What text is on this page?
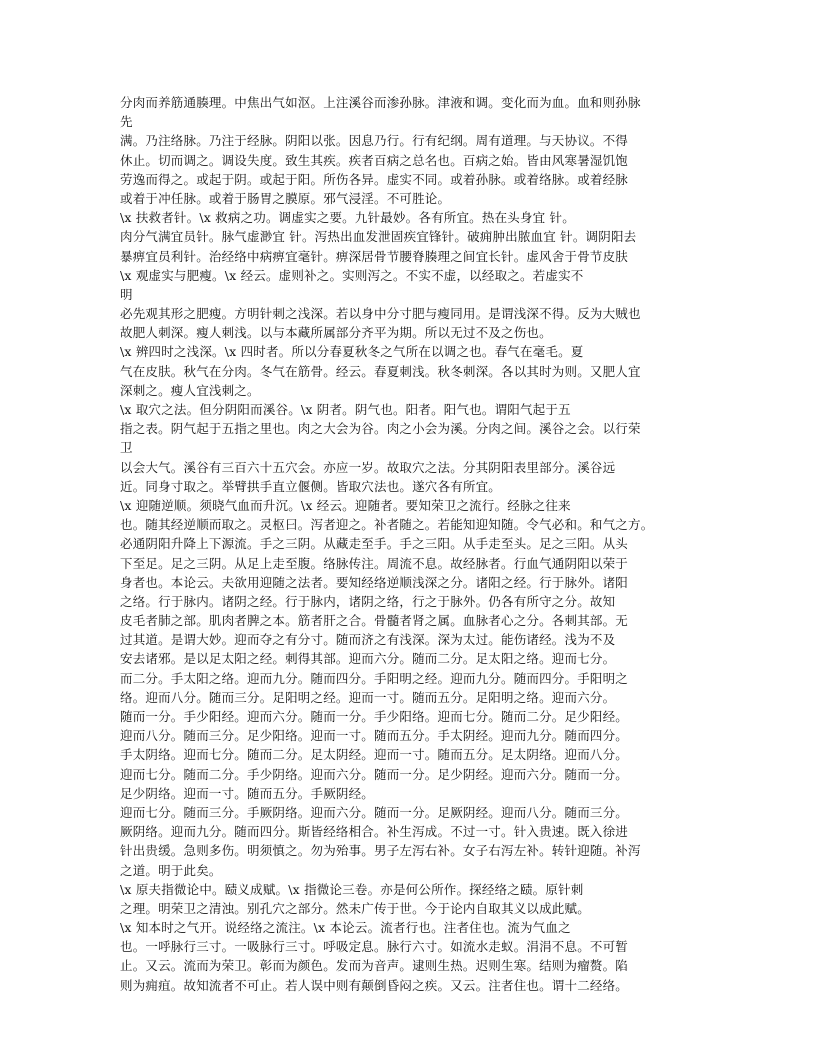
分肉而养筋通腠理。中焦出气如沤。上注溪谷而渗孙脉。津液和调。变化而为血。血和则孙脉
先
满。乃注络脉。乃注于经脉。阴阳以张。因息乃行。行有纪纲。周有道理。与天协议。不得
休止。切而调之。调设失度。致生其疾。疾者百病之总名也。百病之始。皆由风寒暑湿饥饱
劳逸而得之。或起于阴。或起于阳。所伤各异。虚实不同。或着孙脉。或着络脉。或着经脉
或着于冲任脉。或着于肠胃之膜原。邪气浸淫。不可胜论。
\x 扶救者针。\x 救病之功。调虚实之要。九针最妙。各有所宜。热在头身宜 针。
肉分气满宜员针。脉气虚渺宜 针。泻热出血发泄固疾宜锋针。破痈肿出脓血宜 针。调阴阳去
暴痹宜员利针。治经络中病痹宜毫针。痹深居骨节腰脊腠理之间宜长针。虚风舍于骨节皮肤
\x 观虚实与肥瘦。\x 经云。虚则补之。实则泻之。不实不虚，以经取之。若虚实不
明
必先观其形之肥瘦。方明针刺之浅深。若以身中分寸肥与瘦同用。是谓浅深不得。反为大贼也
故肥人刺深。瘦人刺浅。以与本藏所属部分齐平为期。所以无过不及之伤也。
\x 辨四时之浅深。\x 四时者。所以分春夏秋冬之气所在以调之也。春气在毫毛。夏
气在皮肤。秋气在分肉。冬气在筋骨。经云。春夏刺浅。秋冬刺深。各以其时为则。又肥人宜
深刺之。瘦人宜浅刺之。
\x 取穴之法。但分阴阳而溪谷。\x 阴者。阴气也。阳者。阳气也。谓阳气起于五
指之表。阴气起于五指之里也。肉之大会为谷。肉之小会为溪。分肉之间。溪谷之会。以行荣
卫
以会大气。溪谷有三百六十五穴会。亦应一岁。故取穴之法。分其阴阳表里部分。溪谷远
近。同身寸取之。举臂拱手直立偃侧。皆取穴法也。遂穴各有所宜。
\x 迎随逆顺。须晓气血而升沉。\x 经云。迎随者。要知荣卫之流行。经脉之往来
也。随其经逆顺而取之。灵枢曰。泻者迎之。补者随之。若能知迎知随。令气必和。和气之方。
必通阴阳升降上下源流。手之三阴。从藏走至手。手之三阳。从手走至头。足之三阳。从头
下至足。足之三阴。从足上走至腹。络脉传注。周流不息。故经脉者。行血气通阴阳以荣于
身者也。本论云。夫欲用迎随之法者。要知经络逆顺浅深之分。诸阳之经。行于脉外。诸阳
之络。行于脉内。诸阴之经。行于脉内，诸阴之络，行之于脉外。仍各有所守之分。故知
皮毛者肺之部。肌肉者脾之本。筋者肝之合。骨髓者肾之属。血脉者心之分。各刺其部。无
过其道。是谓大妙。迎而夺之有分寸。随而济之有浅深。深为太过。能伤诸经。浅为不及
安去诸邪。是以足太阳之经。刺得其部。迎而六分。随而二分。足太阳之络。迎而七分。
而二分。手太阳之络。迎而九分。随而四分。手阳明之经。迎而九分。随而四分。手阳明之
络。迎而八分。随而三分。足阳明之经。迎而一寸。随而五分。足阳明之络。迎而六分。
随而一分。手少阳经。迎而六分。随而一分。手少阳络。迎而七分。随而二分。足少阳经。
迎而八分。随而三分。足少阳络。迎而一寸。随而五分。手太阴经。迎而九分。随而四分。
手太阴络。迎而七分。随而二分。足太阴经。迎而一寸。随而五分。足太阴络。迎而八分。
迎而七分。随而二分。手少阴络。迎而六分。随而一分。足少阴经。迎而六分。随而一分。
足少阴络。迎而一寸。随而五分。手厥阴经。
迎而七分。随而三分。手厥阴络。迎而六分。随而一分。足厥阴经。迎而八分。随而三分。
厥阴络。迎而九分。随而四分。斯皆经络相合。补生泻成。不过一寸。针入贵速。既入徐进
针出贵缓。急则多伤。明须慎之。勿为殆事。男子左泻右补。女子右泻左补。转针迎随。补泻
之道。明于此矣。
\x 原夫指微论中。赜义成赋。\x 指微论三卷。亦是何公所作。探经络之赜。原针刺
之理。明荣卫之清浊。别孔穴之部分。然未广传于世。今于论内自取其义以成此赋。
\x 知本时之气开。说经络之流注。\x 本论云。流者行也。注者住也。流为气血之
也。一呼脉行三寸。一吸脉行三寸。呼吸定息。脉行六寸。如流水走蚁。涓涓不息。不可暂
止。又云。流而为荣卫。彰而为颜色。发而为音声。逮则生热。迟则生寒。结则为瘤赘。陷
则为痈疽。故知流者不可止。若人误中则有颠倒昏闷之疾。又云。注者住也。谓十二经络。
